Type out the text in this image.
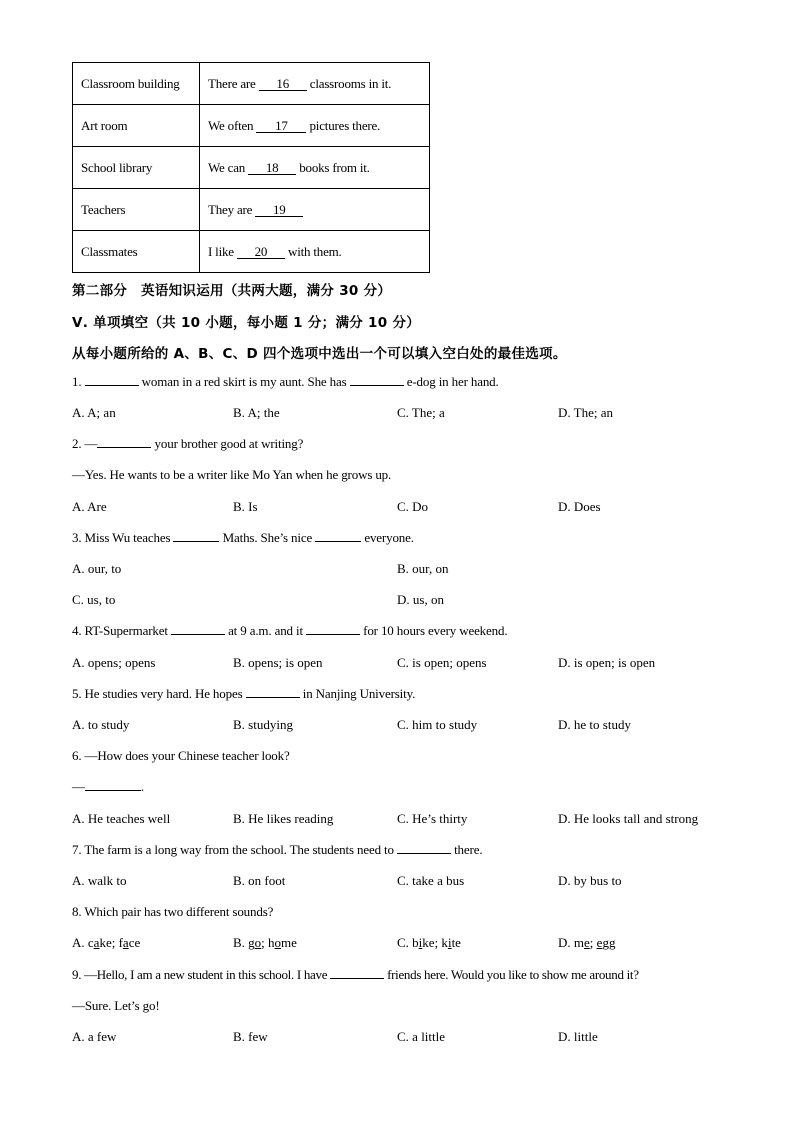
Classroom building	There are 16 classrooms in it.
Art room	We often 17 pictures there.
School library	We can 18 books from it.
Teachers	They are 19
Classmates	I like 20 with them.
第二部分　英语知识运用（共两大题，满分 30 分）
Ⅴ. 单项填空（共 10 小题，每小题 1 分；满分 10 分）
从每小题所给的 A、B、C、D 四个选项中选出一个可以填入空白处的最佳选项。
1.	woman in a red skirt is my aunt. She has	e-dog in her hand.
A. A; an	B. A; the	C. The; a	D. The; an
2. —	your brother good at writing?
—Yes. He wants to be a writer like Mo Yan when he grows up.
A. Are	B. Is	C. Do	D. Does
3. Miss Wu teaches	Maths. She’s nice	everyone.
A. our, to	B. our, on
C. us, to	D. us, on
4. RT-Supermarket	at 9 a.m. and it	for 10 hours every weekend.
A. opens; opens	B. opens; is open	C. is open; opens	D. is open; is open
5. He studies very hard. He hopes	in Nanjing University.
A. to study	B. studying	C. him to study	D. he to study
6. —How does your Chinese teacher look?
—	.
A. He teaches well	B. He likes reading	C. He’s thirty	D. He looks tall and strong
7. The farm is a long way from the school. The students need to	there.
A. walk to	B. on foot	C. take a bus	D. by bus to
8. Which pair has two different sounds?
A. cake; face	B. go; home	C. bike; kite	D. me; egg
9. —Hello, I am a new student in this school. I have	friends here. Would you like to show me around it?
—Sure. Let’s go!
A. a few	B. few	C. a little	D. little
